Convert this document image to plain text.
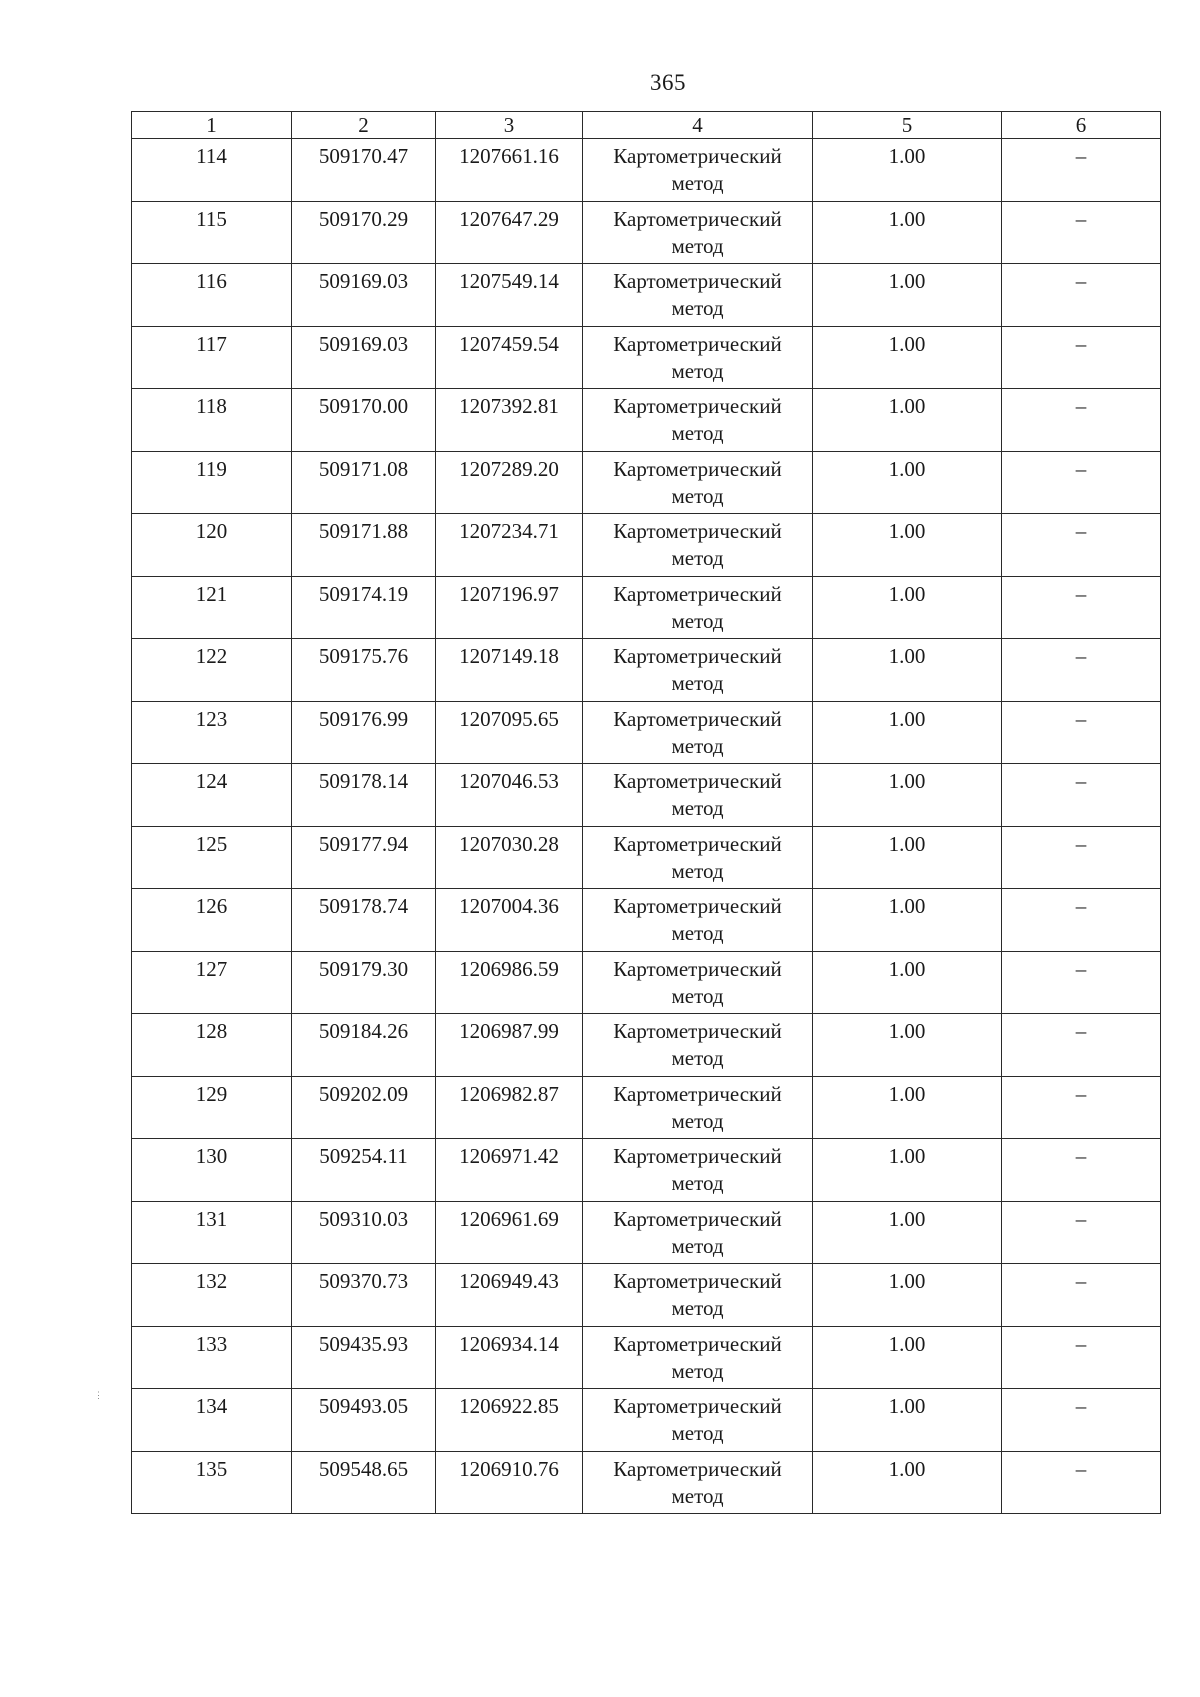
365
1	2	3	4	5	6
114	509170.47	1207661.16	Картометрический метод	1.00	–
115	509170.29	1207647.29	Картометрический метод	1.00	–
116	509169.03	1207549.14	Картометрический метод	1.00	–
117	509169.03	1207459.54	Картометрический метод	1.00	–
118	509170.00	1207392.81	Картометрический метод	1.00	–
119	509171.08	1207289.20	Картометрический метод	1.00	–
120	509171.88	1207234.71	Картометрический метод	1.00	–
121	509174.19	1207196.97	Картометрический метод	1.00	–
122	509175.76	1207149.18	Картометрический метод	1.00	–
123	509176.99	1207095.65	Картометрический метод	1.00	–
124	509178.14	1207046.53	Картометрический метод	1.00	–
125	509177.94	1207030.28	Картометрический метод	1.00	–
126	509178.74	1207004.36	Картометрический метод	1.00	–
127	509179.30	1206986.59	Картометрический метод	1.00	–
128	509184.26	1206987.99	Картометрический метод	1.00	–
129	509202.09	1206982.87	Картометрический метод	1.00	–
130	509254.11	1206971.42	Картометрический метод	1.00	–
131	509310.03	1206961.69	Картометрический метод	1.00	–
132	509370.73	1206949.43	Картометрический метод	1.00	–
133	509435.93	1206934.14	Картометрический метод	1.00	–
134	509493.05	1206922.85	Картометрический метод	1.00	–
135	509548.65	1206910.76	Картометрический метод	1.00	–
⋮
